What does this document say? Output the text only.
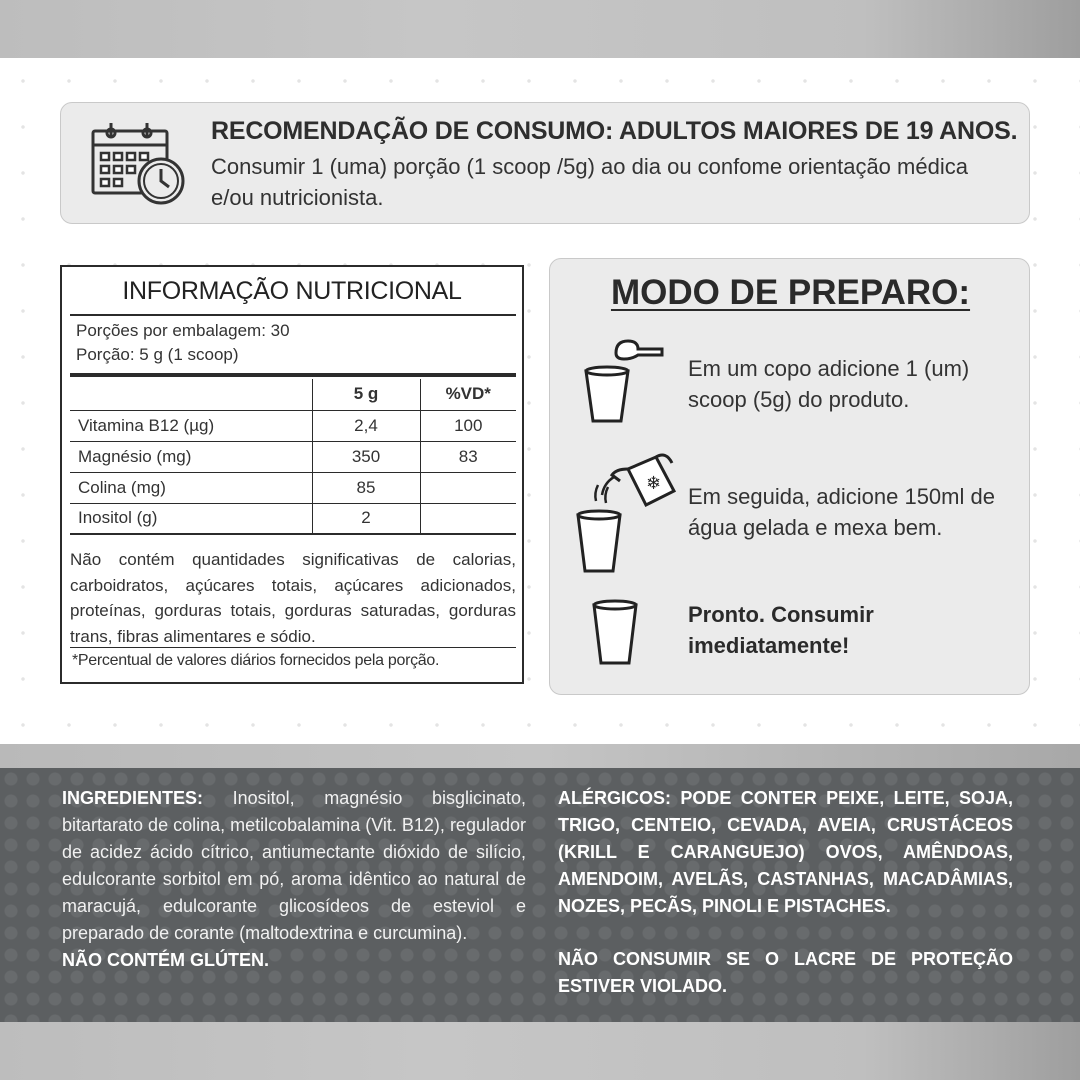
RECOMENDAÇÃO DE CONSUMO: ADULTOS MAIORES DE 19 ANOS.
Consumir 1 (uma) porção (1 scoop /5g) ao dia ou confome orientação médica e/ou nutricionista.
INFORMAÇÃO NUTRICIONAL
Porções por embalagem: 30
Porção: 5 g (1 scoop)
	5 g	%VD*
Vitamina B12 (µg)	2,4	100
Magnésio (mg)	350	83
Colina (mg)	85	
Inositol (g)	2	
Não contém quantidades significativas de calorias, carboidratos, açúcares totais, açúcares adicionados, proteínas, gorduras totais, gorduras saturadas, gorduras trans, fibras alimentares e sódio.
*Percentual de valores diários fornecidos pela porção.
MODO DE PREPARO:
Em um copo adicione 1 (um) scoop (5g) do produto.
❄
Em seguida, adicione 150ml de água gelada e mexa bem.
Pronto. Consumir imediatamente!
INGREDIENTES: Inositol, magnésio bisglicinato, bitartarato de colina, metilcobalamina (Vit. B12), regulador de acidez ácido cítrico, antiumectante dióxido de silício, edulcorante sorbitol em pó, aroma idêntico ao natural de maracujá, edulcorante glicosídeos de esteviol e preparado de corante (maltodextrina e curcumina).
NÃO CONTÉM GLÚTEN.
ALÉRGICOS: PODE CONTER PEIXE, LEITE, SOJA, TRIGO, CENTEIO, CEVADA, AVEIA, CRUSTÁCEOS (KRILL E CARANGUEJO) OVOS, AMÊNDOAS, AMENDOIM, AVELÃS, CASTANHAS, MACADÂMIAS, NOZES, PECÃS, PINOLI E PISTACHES.
NÃO CONSUMIR SE O LACRE DE PROTEÇÃO ESTIVER VIOLADO.
